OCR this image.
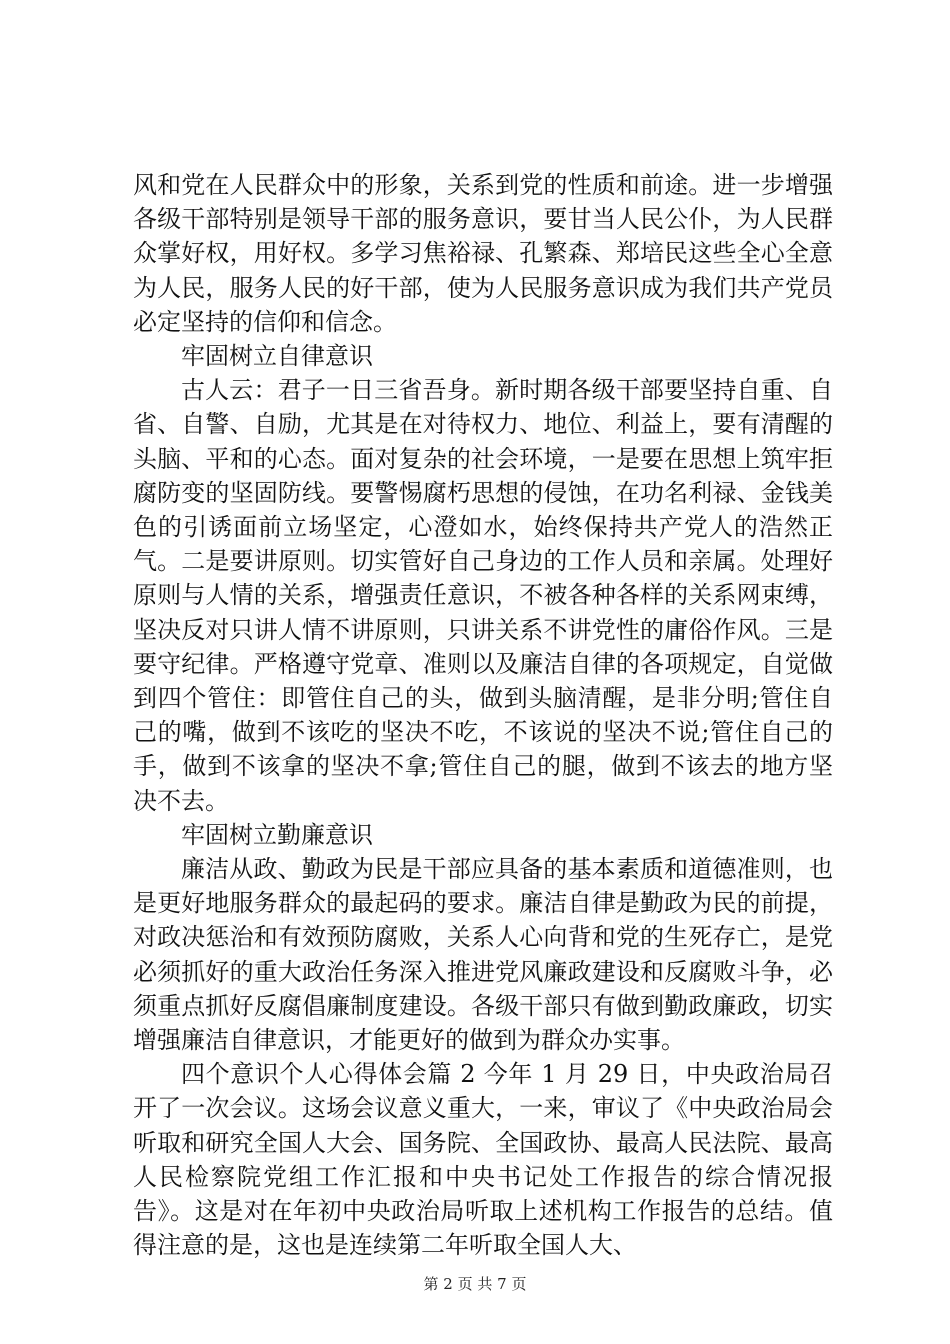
风和党在人民群众中的形象，关系到党的性质和前途。进一步增强各级干部特别是领导干部的服务意识，要甘当人民公仆，为人民群众掌好权，用好权。多学习焦裕禄、孔繁森、郑培民这些全心全意为人民，服务人民的好干部，使为人民服务意识成为我们共产党员必定坚持的信仰和信念。

牢固树立自律意识

古人云：君子一日三省吾身。新时期各级干部要坚持自重、自省、自警、自励，尤其是在对待权力、地位、利益上，要有清醒的头脑、平和的心态。面对复杂的社会环境，一是要在思想上筑牢拒腐防变的坚固防线。要警惕腐朽思想的侵蚀，在功名利禄、金钱美色的引诱面前立场坚定，心澄如水，始终保持共产党人的浩然正气。二是要讲原则。切实管好自己身边的工作人员和亲属。处理好原则与人情的关系，增强责任意识，不被各种各样的关系网束缚，坚决反对只讲人情不讲原则，只讲关系不讲党性的庸俗作风。三是要守纪律。严格遵守党章、准则以及廉洁自律的各项规定，自觉做到四个管住：即管住自己的头，做到头脑清醒，是非分明;管住自己的嘴，做到不该吃的坚决不吃，不该说的坚决不说;管住自己的手，做到不该拿的坚决不拿;管住自己的腿，做到不该去的地方坚决不去。

牢固树立勤廉意识

廉洁从政、勤政为民是干部应具备的基本素质和道德准则，也是更好地服务群众的最起码的要求。廉洁自律是勤政为民的前提，对政决惩治和有效预防腐败，关系人心向背和党的生死存亡，是党必须抓好的重大政治任务深入推进党风廉政建设和反腐败斗争，必须重点抓好反腐倡廉制度建设。各级干部只有做到勤政廉政，切实增强廉洁自律意识，才能更好的做到为群众办实事。

四个意识个人心得体会篇 2 今年 1 月 29 日，中央政治局召开了一次会议。这场会议意义重大，一来，审议了《中央政治局会听取和研究全国人大会、国务院、全国政协、最高人民法院、最高人民检察院党组工作汇报和中央书记处工作报告的综合情况报告》。这是对在年初中央政治局听取上述机构工作报告的总结。值得注意的是，这也是连续第二年听取全国人大、

第 2 页 共 7 页
